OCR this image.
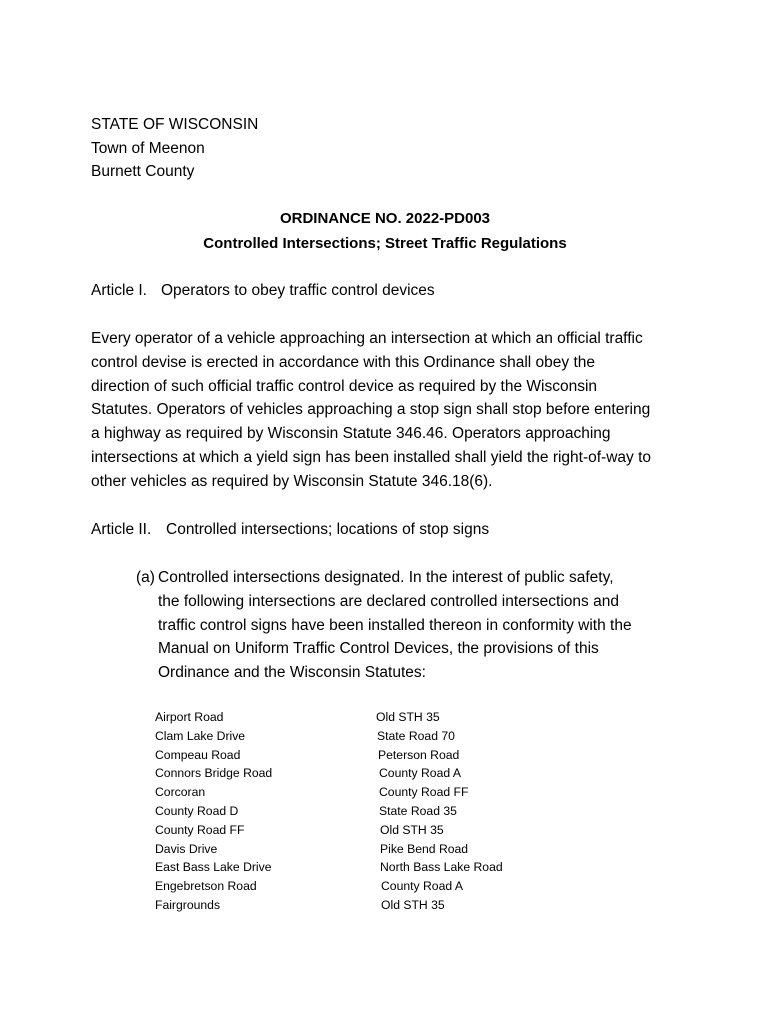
STATE OF WISCONSIN
Town of Meenon
Burnett County
ORDINANCE NO. 2022-PD003
Controlled Intersections; Street Traffic Regulations
Article I. Operators to obey traffic control devices
Every operator of a vehicle approaching an intersection at which an official traffic
control devise is erected in accordance with this Ordinance shall obey the
direction of such official traffic control device as required by the Wisconsin
Statutes. Operators of vehicles approaching a stop sign shall stop before entering
a highway as required by Wisconsin Statute 346.46. Operators approaching
intersections at which a yield sign has been installed shall yield the right-of-way to
other vehicles as required by Wisconsin Statute 346.18(6).
Article II. Controlled intersections; locations of stop signs
(a) Controlled intersections designated. In the interest of public safety,
the following intersections are declared controlled intersections and
traffic control signs have been installed thereon in conformity with the
Manual on Uniform Traffic Control Devices, the provisions of this
Ordinance and the Wisconsin Statutes:
Airport Road	Old STH 35
Clam Lake Drive	State Road 70
Compeau Road	Peterson Road
Connors Bridge Road	County Road A
Corcoran	County Road FF
County Road D	State Road 35
County Road FF	Old STH 35
Davis Drive	Pike Bend Road
East Bass Lake Drive	North Bass Lake Road
Engebretson Road	County Road A
Fairgrounds	Old STH 35
